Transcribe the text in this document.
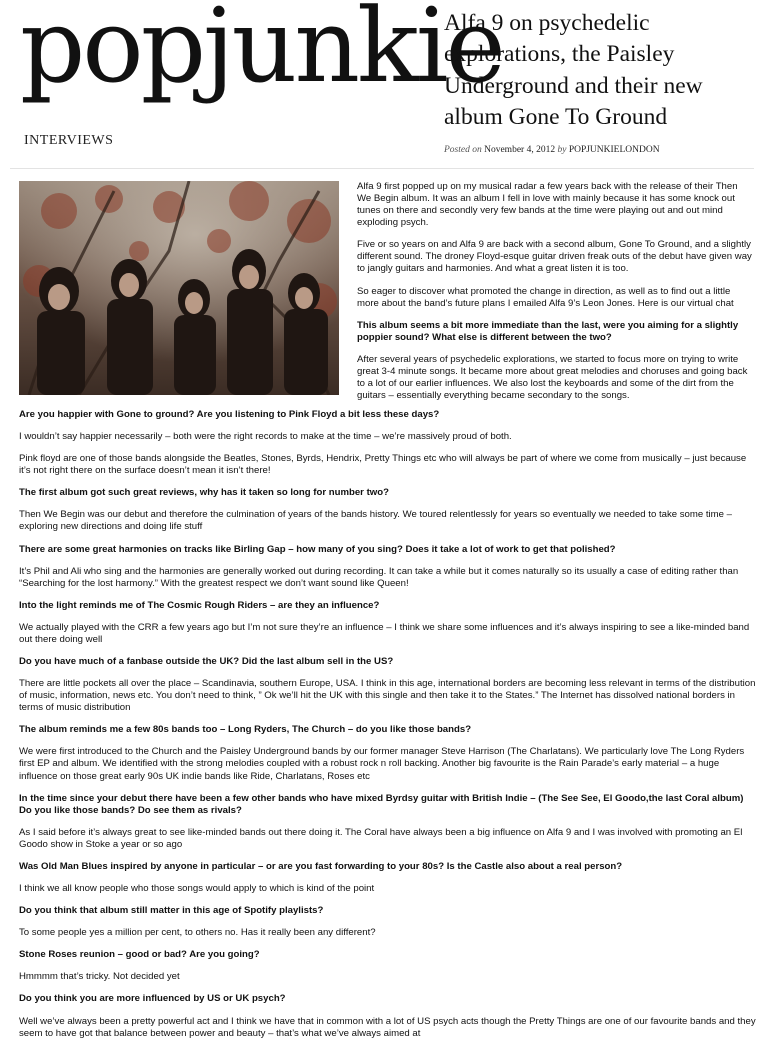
popjunkie
INTERVIEWS
Alfa 9 on psychedelic explorations, the Paisley Underground and their new album Gone To Ground
Posted on November 4, 2012 by POPJUNKIELONDON

Alfa 9 first popped up on my musical radar a few years back with the release of their Then We Begin album. It was an album I fell in love with mainly because it has some knock out tunes on there and secondly very few bands at the time were playing out and out mind exploding psych.

Five or so years on and Alfa 9 are back with a second album, Gone To Ground, and a slightly different sound. The droney Floyd-esque guitar driven freak outs of the debut have given way to jangly guitars and harmonies. And what a great listen it is too.

So eager to discover what promoted the change in direction, as well as to find out a little more about the band’s future plans I emailed Alfa 9’s Leon Jones. Here is our virtual chat

This album seems a bit more immediate than the last, were you aiming for a slightly poppier sound? What else is different between the two?

After several years of psychedelic explorations, we started to focus more on trying to write great 3-4 minute songs. It became more about great melodies and choruses and going back to a lot of our earlier influences. We also lost the keyboards and some of the dirt from the guitars – essentially everything became secondary to the songs.

Are you happier with Gone to ground? Are you listening to Pink Floyd a bit less these days?

I wouldn’t say happier necessarily – both were the right records to make at the time – we’re massively proud of both.

Pink floyd are one of those bands alongside the Beatles, Stones, Byrds, Hendrix, Pretty Things etc who will always be part of where we come from musically – just because it’s not right there on the surface doesn’t mean it isn’t there!

The first album got such great reviews, why has it taken so long for number two?

Then We Begin was our debut and therefore the culmination of years of the bands history. We toured relentlessly for years so eventually we needed to take some time – exploring new directions and doing life stuff

There are some great harmonies on tracks like Birling Gap – how many of you sing? Does it take a lot of work to get that polished?

It’s Phil and Ali who sing and the harmonies are generally worked out during recording. It can take a while but it comes naturally so its usually a case of editing rather than “Searching for the lost harmony.” With the greatest respect we don’t want sound like Queen!

Into the light reminds me of The Cosmic Rough Riders – are they an influence?

We actually played with the CRR a few years ago but I’m not sure they’re an influence – I think we share some influences and it’s always inspiring to see a like-minded band out there doing well

Do you have much of a fanbase outside the UK? Did the last album sell in the US?

There are little pockets all over the place – Scandinavia, southern Europe, USA. I think in this age, international borders are becoming less relevant in terms of the distribution of music, information, news etc. You don’t need to think, ” Ok we’ll hit the UK with this single and then take it to the States.” The Internet has dissolved national borders in terms of music distribution

The album reminds me a few 80s bands too – Long Ryders, The Church – do you like those bands?

We were first introduced to the Church and the Paisley Underground bands by our former manager Steve Harrison (The Charlatans). We particularly love The Long Ryders first EP and album. We identified with the strong melodies coupled with a robust rock n roll backing. Another big favourite is the Rain Parade’s early material – a huge influence on those great early 90s UK indie bands like Ride, Charlatans, Roses etc

In the time since your debut there have been a few other bands who have mixed Byrdsy guitar with British Indie – (The See See, El Goodo,the last Coral album) Do you like those bands? Do see them as rivals?

As I said before it’s always great to see like-minded bands out there doing it. The Coral have always been a big influence on Alfa 9 and I was involved with promoting an El Goodo show in Stoke a year or so ago

Was Old Man Blues inspired by anyone in particular – or are you fast forwarding to your 80s? Is the Castle also about a real person?

I think we all know people who those songs would apply to which is kind of the point

Do you think that album still matter in this age of Spotify playlists?

To some people yes a million per cent, to others no. Has it really been any different?

Stone Roses reunion – good or bad? Are you going?

Hmmmm that’s tricky. Not decided yet

Do you think you are more influenced by US or UK psych?

Well we’ve always been a pretty powerful act and I think we have that in common with a lot of US psych acts though the Pretty Things are one of our favourite bands and they seem to have got that balance between power and beauty – that’s what we’ve always aimed at
